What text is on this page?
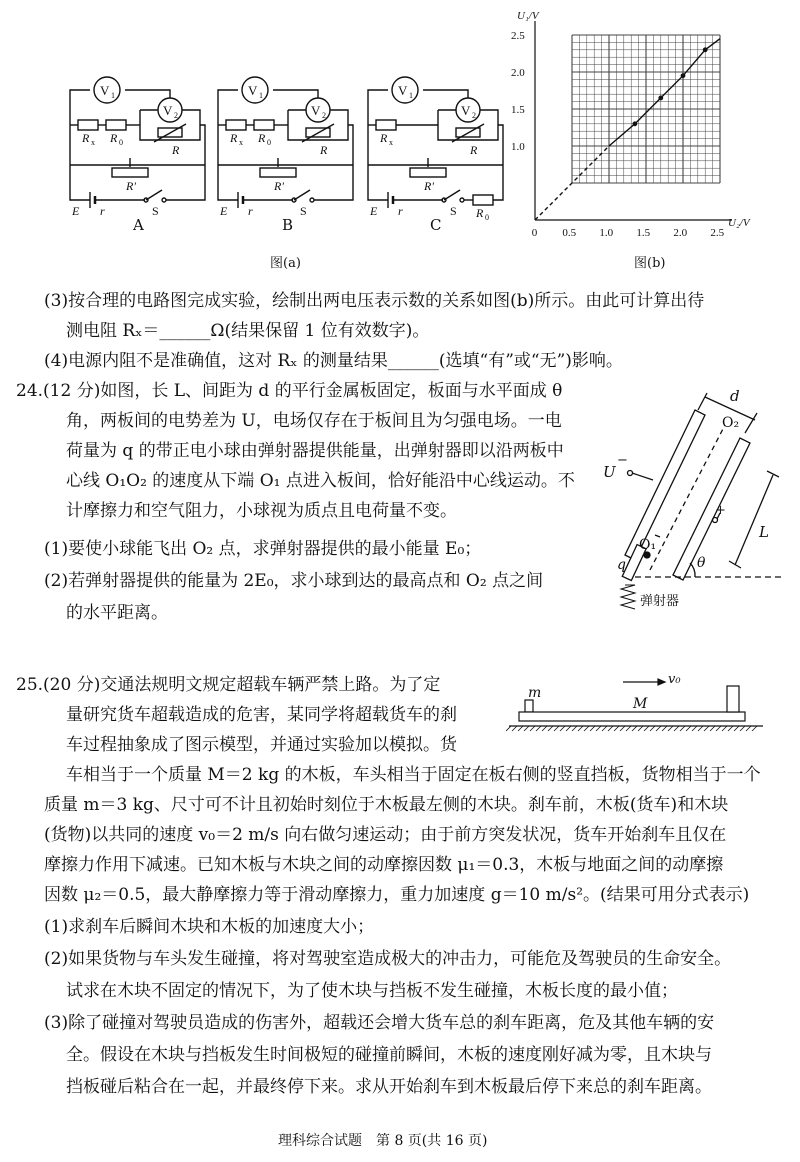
V 1
R x R 0
V 2
R
R'
E r	S
V 1
R x R 0
V 2
R
R'
E r	S
V 1
R x
V 2
R
R'
E r	S R 0
A	B	C
图(a)
0 0.5 1.0 1.5 2.0 2.5
1.0
1.5
2.0
2.5
U₁/V
U₂/V
图(b)
(3)按合理的电路图完成实验，绘制出两电压表示数的关系如图(b)所示。由此可计算出待
测电阻 Rₓ＝______Ω(结果保留 1 位有效数字)。
(4)电源内阻不是准确值，这对 Rₓ 的测量结果______(选填“有”或“无”)影响。
24.(12 分)如图，长 L、间距为 d 的平行金属板固定，板面与水平面成 θ
角，两板间的电势差为 U，电场仅存在于板间且为匀强电场。一电
荷量为 q 的带正电小球由弹射器提供能量，出弹射器即以沿两板中
心线 O₁O₂ 的速度从下端 O₁ 点进入板间，恰好能沿中心线运动。不
计摩擦力和空气阻力，小球视为质点且电荷量不变。
(1)要使小球能飞出 O₂ 点，求弹射器提供的最小能量 E₀；
(2)若弹射器提供的能量为 2E₀，求小球到达的最高点和 O₂ 点之间
的水平距离。
d
O₂
U
−
+
L
O₁
q	θ
弹射器
25.(20 分)交通法规明文规定超载车辆严禁上路。为了定
量研究货车超载造成的危害，某同学将超载货车的刹
车过程抽象成了图示模型，并通过实验加以模拟。货
车相当于一个质量 M＝2 kg 的木板，车头相当于固定在板右侧的竖直挡板，货物相当于一个
质量 m＝3 kg、尺寸可不计且初始时刻位于木板最左侧的木块。刹车前，木板(货车)和木块
(货物)以共同的速度 v₀＝2 m/s 向右做匀速运动；由于前方突发状况，货车开始刹车且仅在
摩擦力作用下减速。已知木板与木块之间的动摩擦因数 μ₁＝0.3，木板与地面之间的动摩擦
因数 μ₂＝0.5，最大静摩擦力等于滑动摩擦力，重力加速度 g＝10 m/s²。(结果可用分式表示)
(1)求刹车后瞬间木块和木板的加速度大小；
(2)如果货物与车头发生碰撞，将对驾驶室造成极大的冲击力，可能危及驾驶员的生命安全。
试求在木块不固定的情况下，为了使木块与挡板不发生碰撞，木板长度的最小值；
(3)除了碰撞对驾驶员造成的伤害外，超载还会增大货车总的刹车距离，危及其他车辆的安
全。假设在木块与挡板发生时间极短的碰撞前瞬间，木板的速度刚好减为零，且木块与
挡板碰后粘合在一起，并最终停下来。求从开始刹车到木板最后停下来总的刹车距离。
m
M
v₀
理科综合试题　第 8 页(共 16 页)
